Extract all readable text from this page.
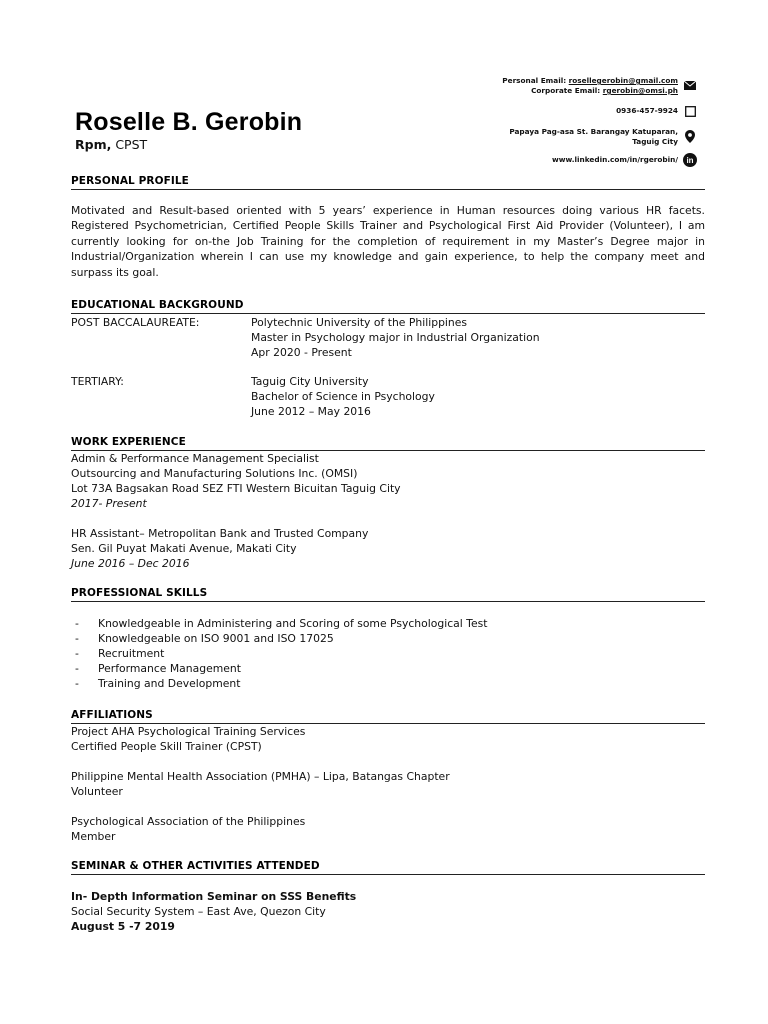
Roselle B. Gerobin
Rpm, CPST
Personal Email: rosellegerobin@gmail.com
Corporate Email: rgerobin@omsi.ph
0936-457-9924
Papaya Pag-asa St. Barangay Katuparan,
Taguig City
www.linkedin.com/in/rgerobin/ in
PERSONAL PROFILE
Motivated and Result-based oriented with 5 years’ experience in Human resources doing various HR facets. Registered Psychometrician, Certified People Skills Trainer and Psychological First Aid Provider (Volunteer), I am currently looking for on-the Job Training for the completion of requirement in my Master’s Degree major in Industrial/Organization wherein I can use my knowledge and gain experience, to help the company meet and surpass its goal.
EDUCATIONAL BACKGROUND
POST BACCALAUREATE:	Polytechnic University of the Philippines
Master in Psychology major in Industrial Organization
Apr 2020 - Present
TERTIARY:	Taguig City University
Bachelor of Science in Psychology
June 2012 – May 2016
WORK EXPERIENCE
Admin & Performance Management Specialist
Outsourcing and Manufacturing Solutions Inc. (OMSI)
Lot 73A Bagsakan Road SEZ FTI Western Bicuitan Taguig City
2017- Present
HR Assistant– Metropolitan Bank and Trusted Company
Sen. Gil Puyat Makati Avenue, Makati City
June 2016 – Dec 2016
PROFESSIONAL SKILLS
-	Knowledgeable in Administering and Scoring of some Psychological Test
-	Knowledgeable on ISO 9001 and ISO 17025
-	Recruitment
-	Performance Management
-	Training and Development
AFFILIATIONS
Project AHA Psychological Training Services
Certified People Skill Trainer (CPST)
Philippine Mental Health Association (PMHA) – Lipa, Batangas Chapter
Volunteer
Psychological Association of the Philippines
Member
SEMINAR & OTHER ACTIVITIES ATTENDED
In- Depth Information Seminar on SSS Benefits
Social Security System – East Ave, Quezon City
August 5 -7 2019
